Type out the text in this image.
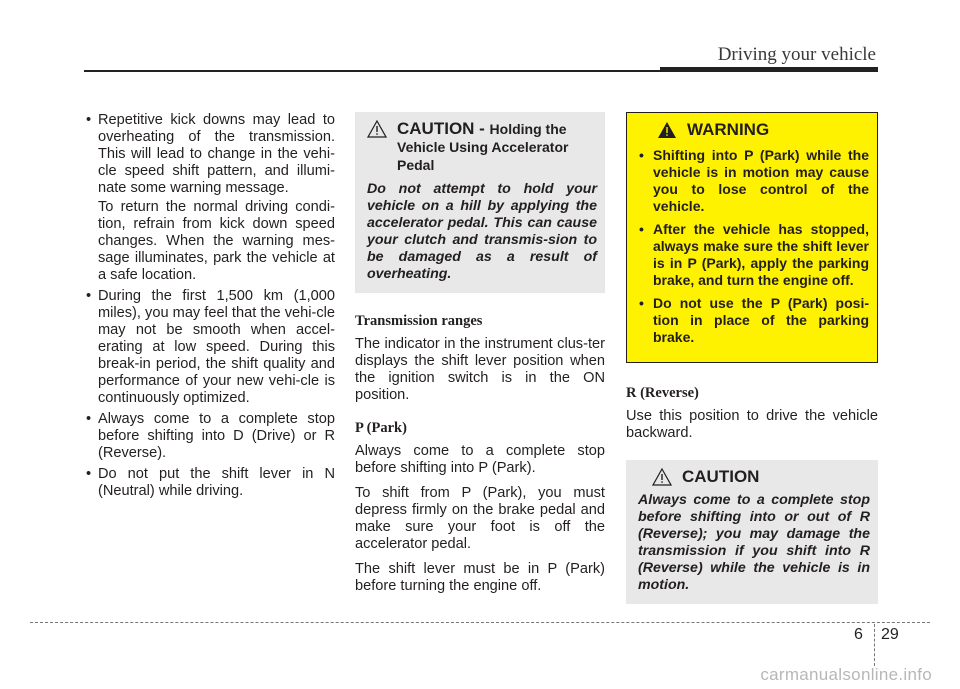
Driving your vehicle
• Repetitive kick downs may lead to overheating of the transmission. This will lead to change in the vehi-cle speed shift pattern, and illumi-nate some warning message.
To return the normal driving condi-tion, refrain from kick down speed changes. When the warning mes-sage illuminates, park the vehicle at a safe location.
• During the first 1,500 km (1,000 miles), you may feel that the vehi-cle may not be smooth when accel-erating at low speed. During this break-in period, the shift quality and performance of your new vehi-cle is continuously optimized.
• Always come to a complete stop before shifting into D (Drive) or R (Reverse).
• Do not put the shift lever in N (Neutral) while driving.
CAUTION - Holding the Vehicle Using Accelerator Pedal
Do not attempt to hold your vehicle on a hill by applying the accelerator pedal. This can cause your clutch and transmis-sion to be damaged as a result of overheating.
Transmission ranges

The indicator in the instrument clus-ter displays the shift lever position when the ignition switch is in the ON position.

P (Park)

Always come to a complete stop before shifting into P (Park).

To shift from P (Park), you must depress firmly on the brake pedal and make sure your foot is off the accelerator pedal.

The shift lever must be in P (Park) before turning the engine off.

WARNING
• Shifting into P (Park) while the vehicle is in motion may cause you to lose control of the vehicle.
• After the vehicle has stopped, always make sure the shift lever is in P (Park), apply the parking brake, and turn the engine off.
• Do not use the P (Park) posi-tion in place of the parking brake.
R (Reverse)

Use this position to drive the vehicle backward.

CAUTION
Always come to a complete stop before shifting into or out of R (Reverse); you may damage the transmission if you shift into R (Reverse) while the vehicle is in motion.
6 29
carmanualsonline.info
